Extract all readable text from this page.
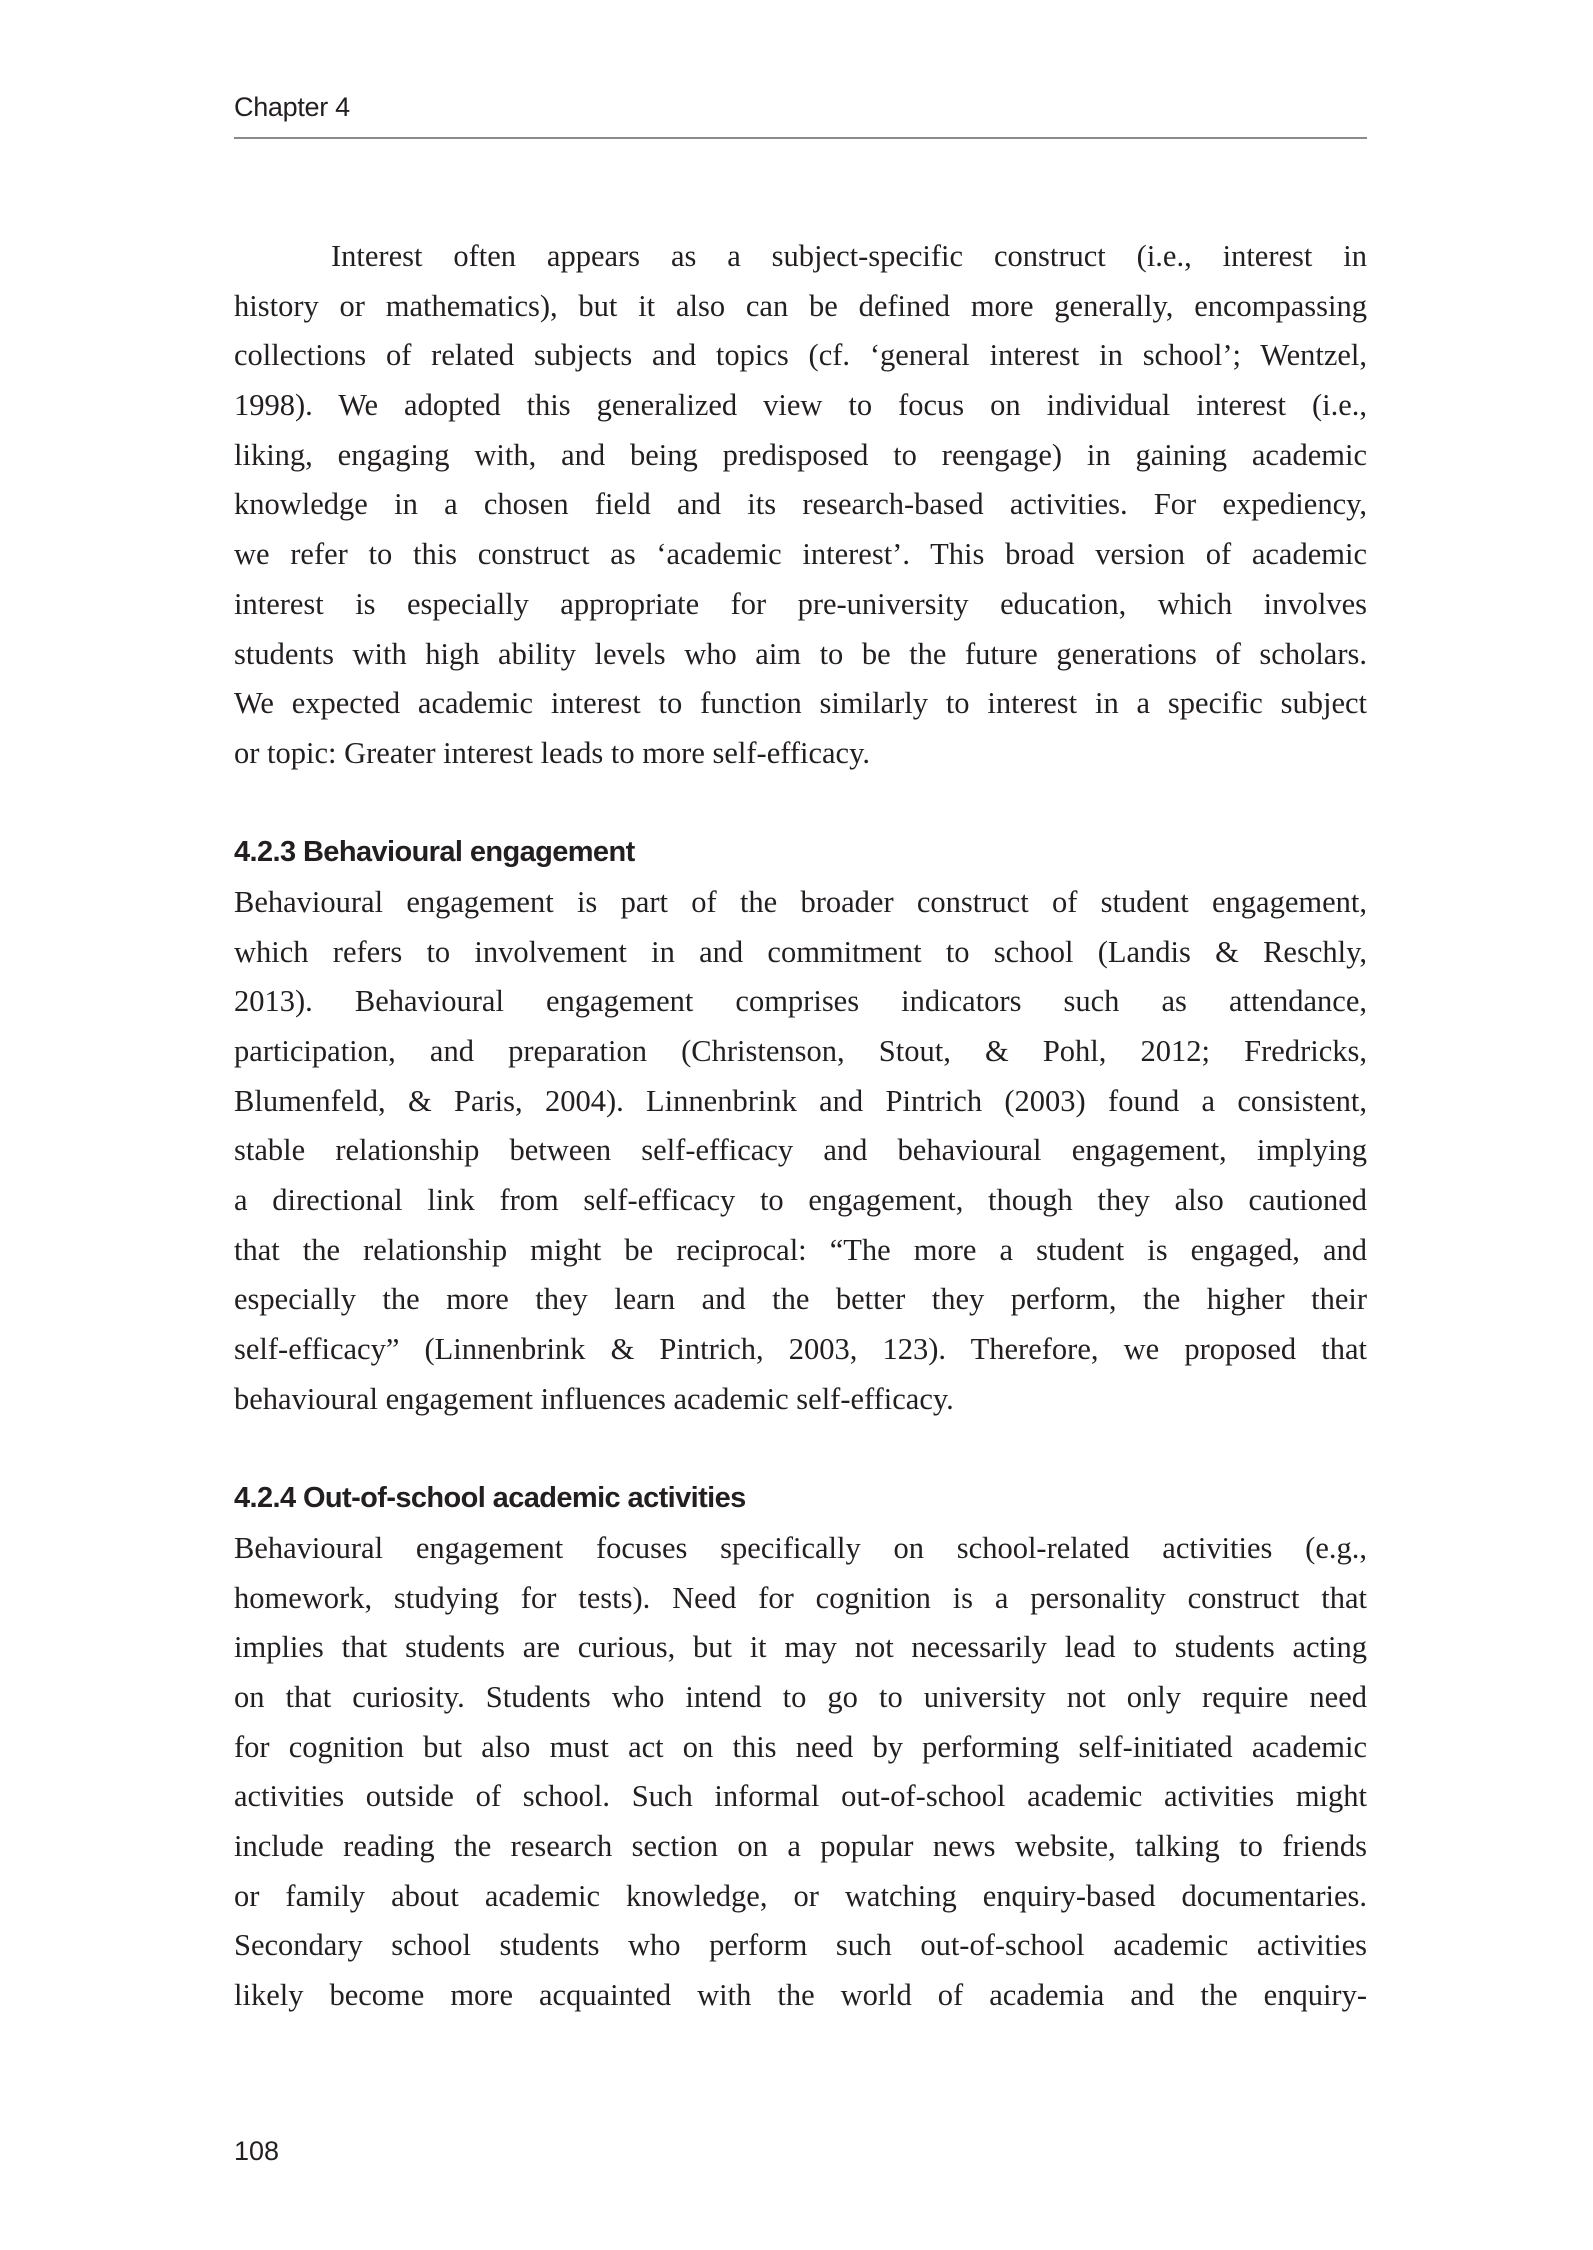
Chapter 4
Interest often appears as a subject-specific construct (i.e., interest in
history or mathematics), but it also can be defined more generally, encompassing
collections of related subjects and topics (cf. ‘general interest in school’; Wentzel,
1998). We adopted this generalized view to focus on individual interest (i.e.,
liking, engaging with, and being predisposed to reengage) in gaining academic
knowledge in a chosen field and its research-based activities. For expediency,
we refer to this construct as ‘academic interest’. This broad version of academic
interest is especially appropriate for pre-university education, which involves
students with high ability levels who aim to be the future generations of scholars.
We expected academic interest to function similarly to interest in a specific subject
or topic: Greater interest leads to more self-efficacy.
4.2.3 Behavioural engagement
Behavioural engagement is part of the broader construct of student engagement,
which refers to involvement in and commitment to school (Landis & Reschly,
2013). Behavioural engagement comprises indicators such as attendance,
participation, and preparation (Christenson, Stout, & Pohl, 2012; Fredricks,
Blumenfeld, & Paris, 2004). Linnenbrink and Pintrich (2003) found a consistent,
stable relationship between self-efficacy and behavioural engagement, implying
a directional link from self-efficacy to engagement, though they also cautioned
that the relationship might be reciprocal: “The more a student is engaged, and
especially the more they learn and the better they perform, the higher their
self-efficacy” (Linnenbrink & Pintrich, 2003, 123). Therefore, we proposed that
behavioural engagement influences academic self-efficacy.
4.2.4 Out-of-school academic activities
Behavioural engagement focuses specifically on school-related activities (e.g.,
homework, studying for tests). Need for cognition is a personality construct that
implies that students are curious, but it may not necessarily lead to students acting
on that curiosity. Students who intend to go to university not only require need
for cognition but also must act on this need by performing self-initiated academic
activities outside of school. Such informal out-of-school academic activities might
include reading the research section on a popular news website, talking to friends
or family about academic knowledge, or watching enquiry-based documentaries.
Secondary school students who perform such out-of-school academic activities
likely become more acquainted with the world of academia and the enquiry-
108
